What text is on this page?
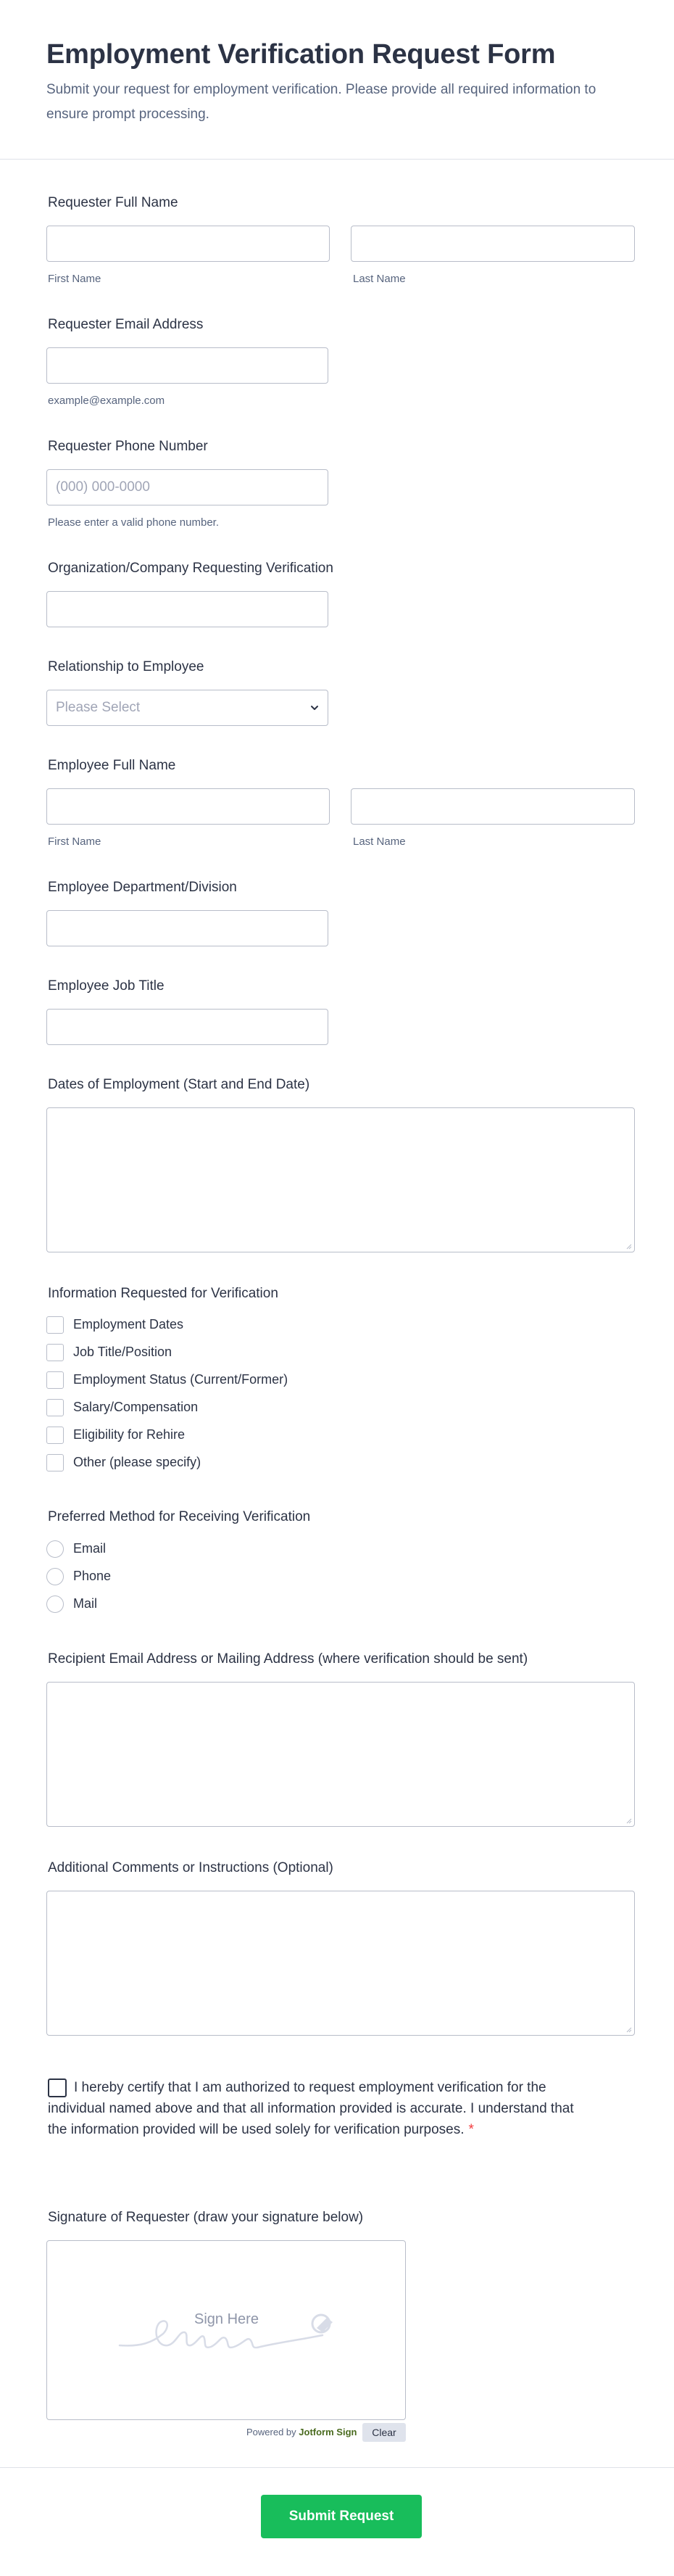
Employment Verification Request Form
Submit your request for employment verification. Please provide all required information to ensure prompt processing.
Requester Full Name
First Name	Last Name
Requester Email Address
example@example.com
Requester Phone Number
(000) 000-0000
Please enter a valid phone number.
Organization/Company Requesting Verification
Relationship to Employee
Please Select
Employee Full Name
First Name	Last Name
Employee Department/Division
Employee Job Title
Dates of Employment (Start and End Date)
Information Requested for Verification
Employment Dates
Job Title/Position
Employment Status (Current/Former)
Salary/Compensation
Eligibility for Rehire
Other (please specify)
Preferred Method for Receiving Verification
Email
Phone
Mail
Recipient Email Address or Mailing Address (where verification should be sent)
Additional Comments or Instructions (Optional)
I hereby certify that I am authorized to request employment verification for the individual named above and that all information provided is accurate. I understand that the information provided will be used solely for verification purposes. *
Signature of Requester (draw your signature below)
Sign Here
Powered by Jotform Sign	Clear
Submit Request
